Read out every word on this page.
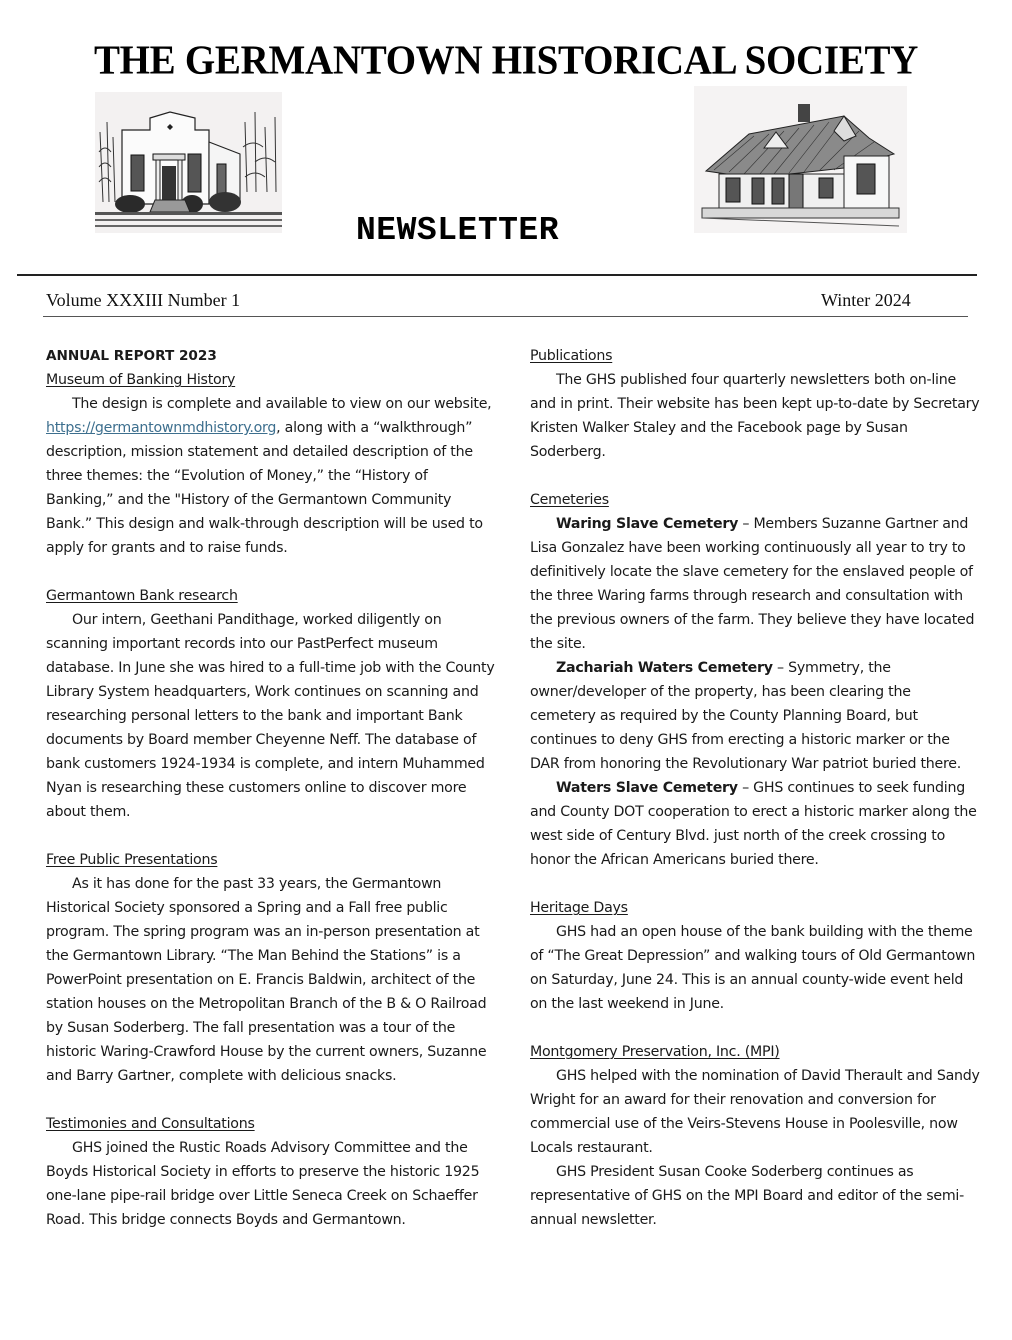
THE GERMANTOWN HISTORICAL SOCIETY
NEWSLETTER
Volume XXXIII Number 1	Winter 2024
ANNUAL REPORT 2023
Museum of Banking History

The design is complete and available to view on our website, https://germantownmdhistory.org, along with a “walkthrough” description, mission statement and detailed description of the three themes: the “Evolution of Money,” the “History of Banking,” and the "History of the Germantown Community Bank.” This design and walk-through description will be used to apply for grants and to raise funds.

Germantown Bank research

Our intern, Geethani Pandithage, worked diligently on scanning important records into our PastPerfect museum database. In June she was hired to a full-time job with the County Library System headquarters, Work continues on scanning and researching personal letters to the bank and important Bank documents by Board member Cheyenne Neff. The database of bank customers 1924-1934 is complete, and intern Muhammed Nyan is researching these customers online to discover more about them.

Free Public Presentations

As it has done for the past 33 years, the Germantown Historical Society sponsored a Spring and a Fall free public program. The spring program was an in-person presentation at the Germantown Library. “The Man Behind the Stations” is a PowerPoint presentation on E. Francis Baldwin, architect of the station houses on the Metropolitan Branch of the B & O Railroad by Susan Soderberg. The fall presentation was a tour of the historic Waring-Crawford House by the current owners, Suzanne and Barry Gartner, complete with delicious snacks.

Testimonies and Consultations

GHS joined the Rustic Roads Advisory Committee and the Boyds Historical Society in efforts to preserve the historic 1925 one-lane pipe-rail bridge over Little Seneca Creek on Schaeffer Road. This bridge connects Boyds and Germantown.

Publications

The GHS published four quarterly newsletters both on-line and in print. Their website has been kept up-to-date by Secretary Kristen Walker Staley and the Facebook page by Susan Soderberg.

Cemeteries

Waring Slave Cemetery – Members Suzanne Gartner and Lisa Gonzalez have been working continuously all year to try to definitively locate the slave cemetery for the enslaved people of the three Waring farms through research and consultation with the previous owners of the farm. They believe they have located the site.

Zachariah Waters Cemetery – Symmetry, the owner/developer of the property, has been clearing the cemetery as required by the County Planning Board, but continues to deny GHS from erecting a historic marker or the DAR from honoring the Revolutionary War patriot buried there.

Waters Slave Cemetery – GHS continues to seek funding and County DOT cooperation to erect a historic marker along the west side of Century Blvd. just north of the creek crossing to honor the African Americans buried there.

Heritage Days

GHS had an open house of the bank building with the theme of “The Great Depression” and walking tours of Old Germantown on Saturday, June 24. This is an annual county-wide event held on the last weekend in June.

Montgomery Preservation, Inc. (MPI)

GHS helped with the nomination of David Therault and Sandy Wright for an award for their renovation and conversion for commercial use of the Veirs-Stevens House in Poolesville, now Locals restaurant.

GHS President Susan Cooke Soderberg continues as representative of GHS on the MPI Board and editor of the semi-annual newsletter.
